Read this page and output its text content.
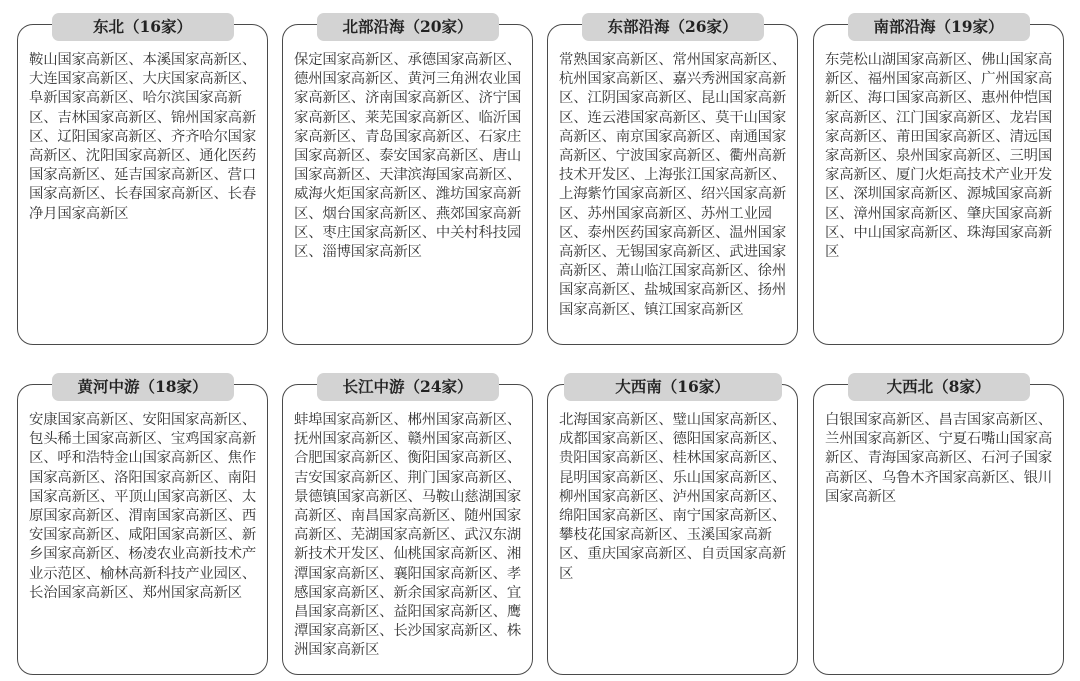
东北（16家）
鞍山国家高新区、本溪国家高新区、大连国家高新区、大庆国家高新区、阜新国家高新区、哈尔滨国家高新区、吉林国家高新区、锦州国家高新区、辽阳国家高新区、齐齐哈尔国家高新区、沈阳国家高新区、通化医药国家高新区、延吉国家高新区、营口国家高新区、长春国家高新区、长春净月国家高新区
北部沿海（20家）
保定国家高新区、承德国家高新区、德州国家高新区、黄河三角洲农业国家高新区、济南国家高新区、济宁国家高新区、莱芜国家高新区、临沂国家高新区、青岛国家高新区、石家庄国家高新区、泰安国家高新区、唐山国家高新区、天津滨海国家高新区、威海火炬国家高新区、潍坊国家高新区、烟台国家高新区、燕郊国家高新区、枣庄国家高新区、中关村科技园区、淄博国家高新区
东部沿海（26家）
常熟国家高新区、常州国家高新区、杭州国家高新区、嘉兴秀洲国家高新区、江阴国家高新区、昆山国家高新区、连云港国家高新区、莫干山国家高新区、南京国家高新区、南通国家高新区、宁波国家高新区、衢州高新技术开发区、上海张江国家高新区、上海紫竹国家高新区、绍兴国家高新区、苏州国家高新区、苏州工业园区、泰州医药国家高新区、温州国家高新区、无锡国家高新区、武进国家高新区、萧山临江国家高新区、徐州国家高新区、盐城国家高新区、扬州国家高新区、镇江国家高新区
南部沿海（19家）
东莞松山湖国家高新区、佛山国家高新区、福州国家高新区、广州国家高新区、海口国家高新区、惠州仲恺国家高新区、江门国家高新区、龙岩国家高新区、莆田国家高新区、清远国家高新区、泉州国家高新区、三明国家高新区、厦门火炬高技术产业开发区、深圳国家高新区、源城国家高新区、漳州国家高新区、肇庆国家高新区、中山国家高新区、珠海国家高新区
黄河中游（18家）
安康国家高新区、安阳国家高新区、包头稀土国家高新区、宝鸡国家高新区、呼和浩特金山国家高新区、焦作国家高新区、洛阳国家高新区、南阳国家高新区、平顶山国家高新区、太原国家高新区、渭南国家高新区、西安国家高新区、咸阳国家高新区、新乡国家高新区、杨凌农业高新技术产业示范区、榆林高新科技产业园区、长治国家高新区、郑州国家高新区
长江中游（24家）
蚌埠国家高新区、郴州国家高新区、抚州国家高新区、赣州国家高新区、合肥国家高新区、衡阳国家高新区、吉安国家高新区、荆门国家高新区、景德镇国家高新区、马鞍山慈湖国家高新区、南昌国家高新区、随州国家高新区、芜湖国家高新区、武汉东湖新技术开发区、仙桃国家高新区、湘潭国家高新区、襄阳国家高新区、孝感国家高新区、新余国家高新区、宜昌国家高新区、益阳国家高新区、鹰潭国家高新区、长沙国家高新区、株洲国家高新区
大西南（16家）
北海国家高新区、璧山国家高新区、成都国家高新区、德阳国家高新区、贵阳国家高新区、桂林国家高新区、昆明国家高新区、乐山国家高新区、柳州国家高新区、泸州国家高新区、绵阳国家高新区、南宁国家高新区、攀枝花国家高新区、玉溪国家高新区、重庆国家高新区、自贡国家高新区
大西北（8家）
白银国家高新区、昌吉国家高新区、兰州国家高新区、宁夏石嘴山国家高新区、青海国家高新区、石河子国家高新区、乌鲁木齐国家高新区、银川国家高新区
